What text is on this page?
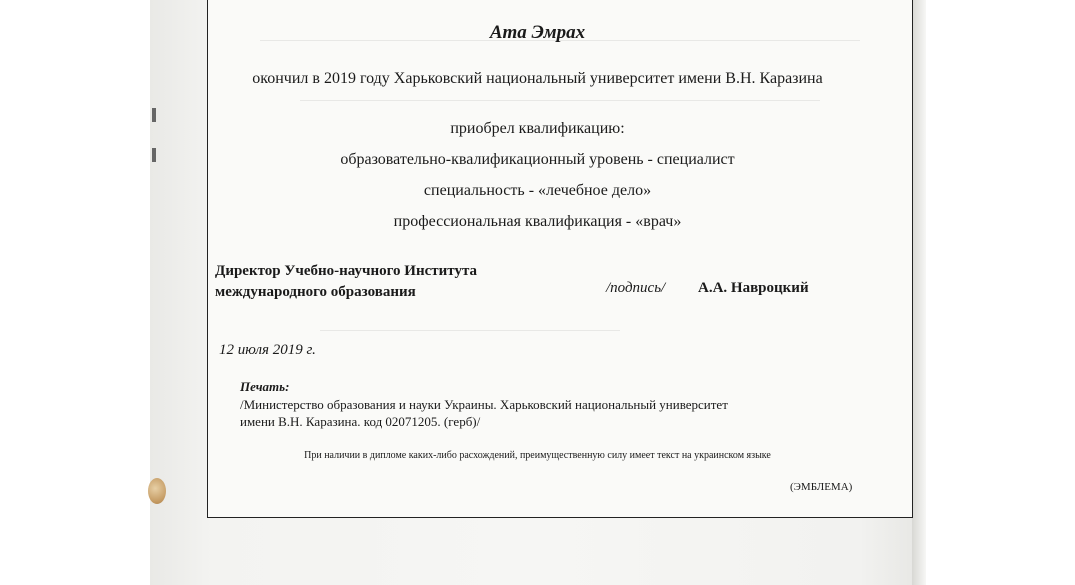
Ата Эмрах
окончил в 2019 году Харьковский национальный университет имени В.Н. Каразина
приобрел квалификацию:
образовательно-квалификационный уровень - специалист
специальность - «лечебное дело»
профессиональная квалификация - «врач»
Директор Учебно-научного Института
международного образования	/подпись/ А.А. Навроцкий
12 июля 2019 г.
Печать:
/Министерство образования и науки Украины. Харьковский национальный университет
имени В.Н. Каразина. код 02071205. (герб)/
При наличии в дипломе каких-либо расхождений, преимущественную силу имеет текст на украинском языке
(ЭМБЛЕМА)
